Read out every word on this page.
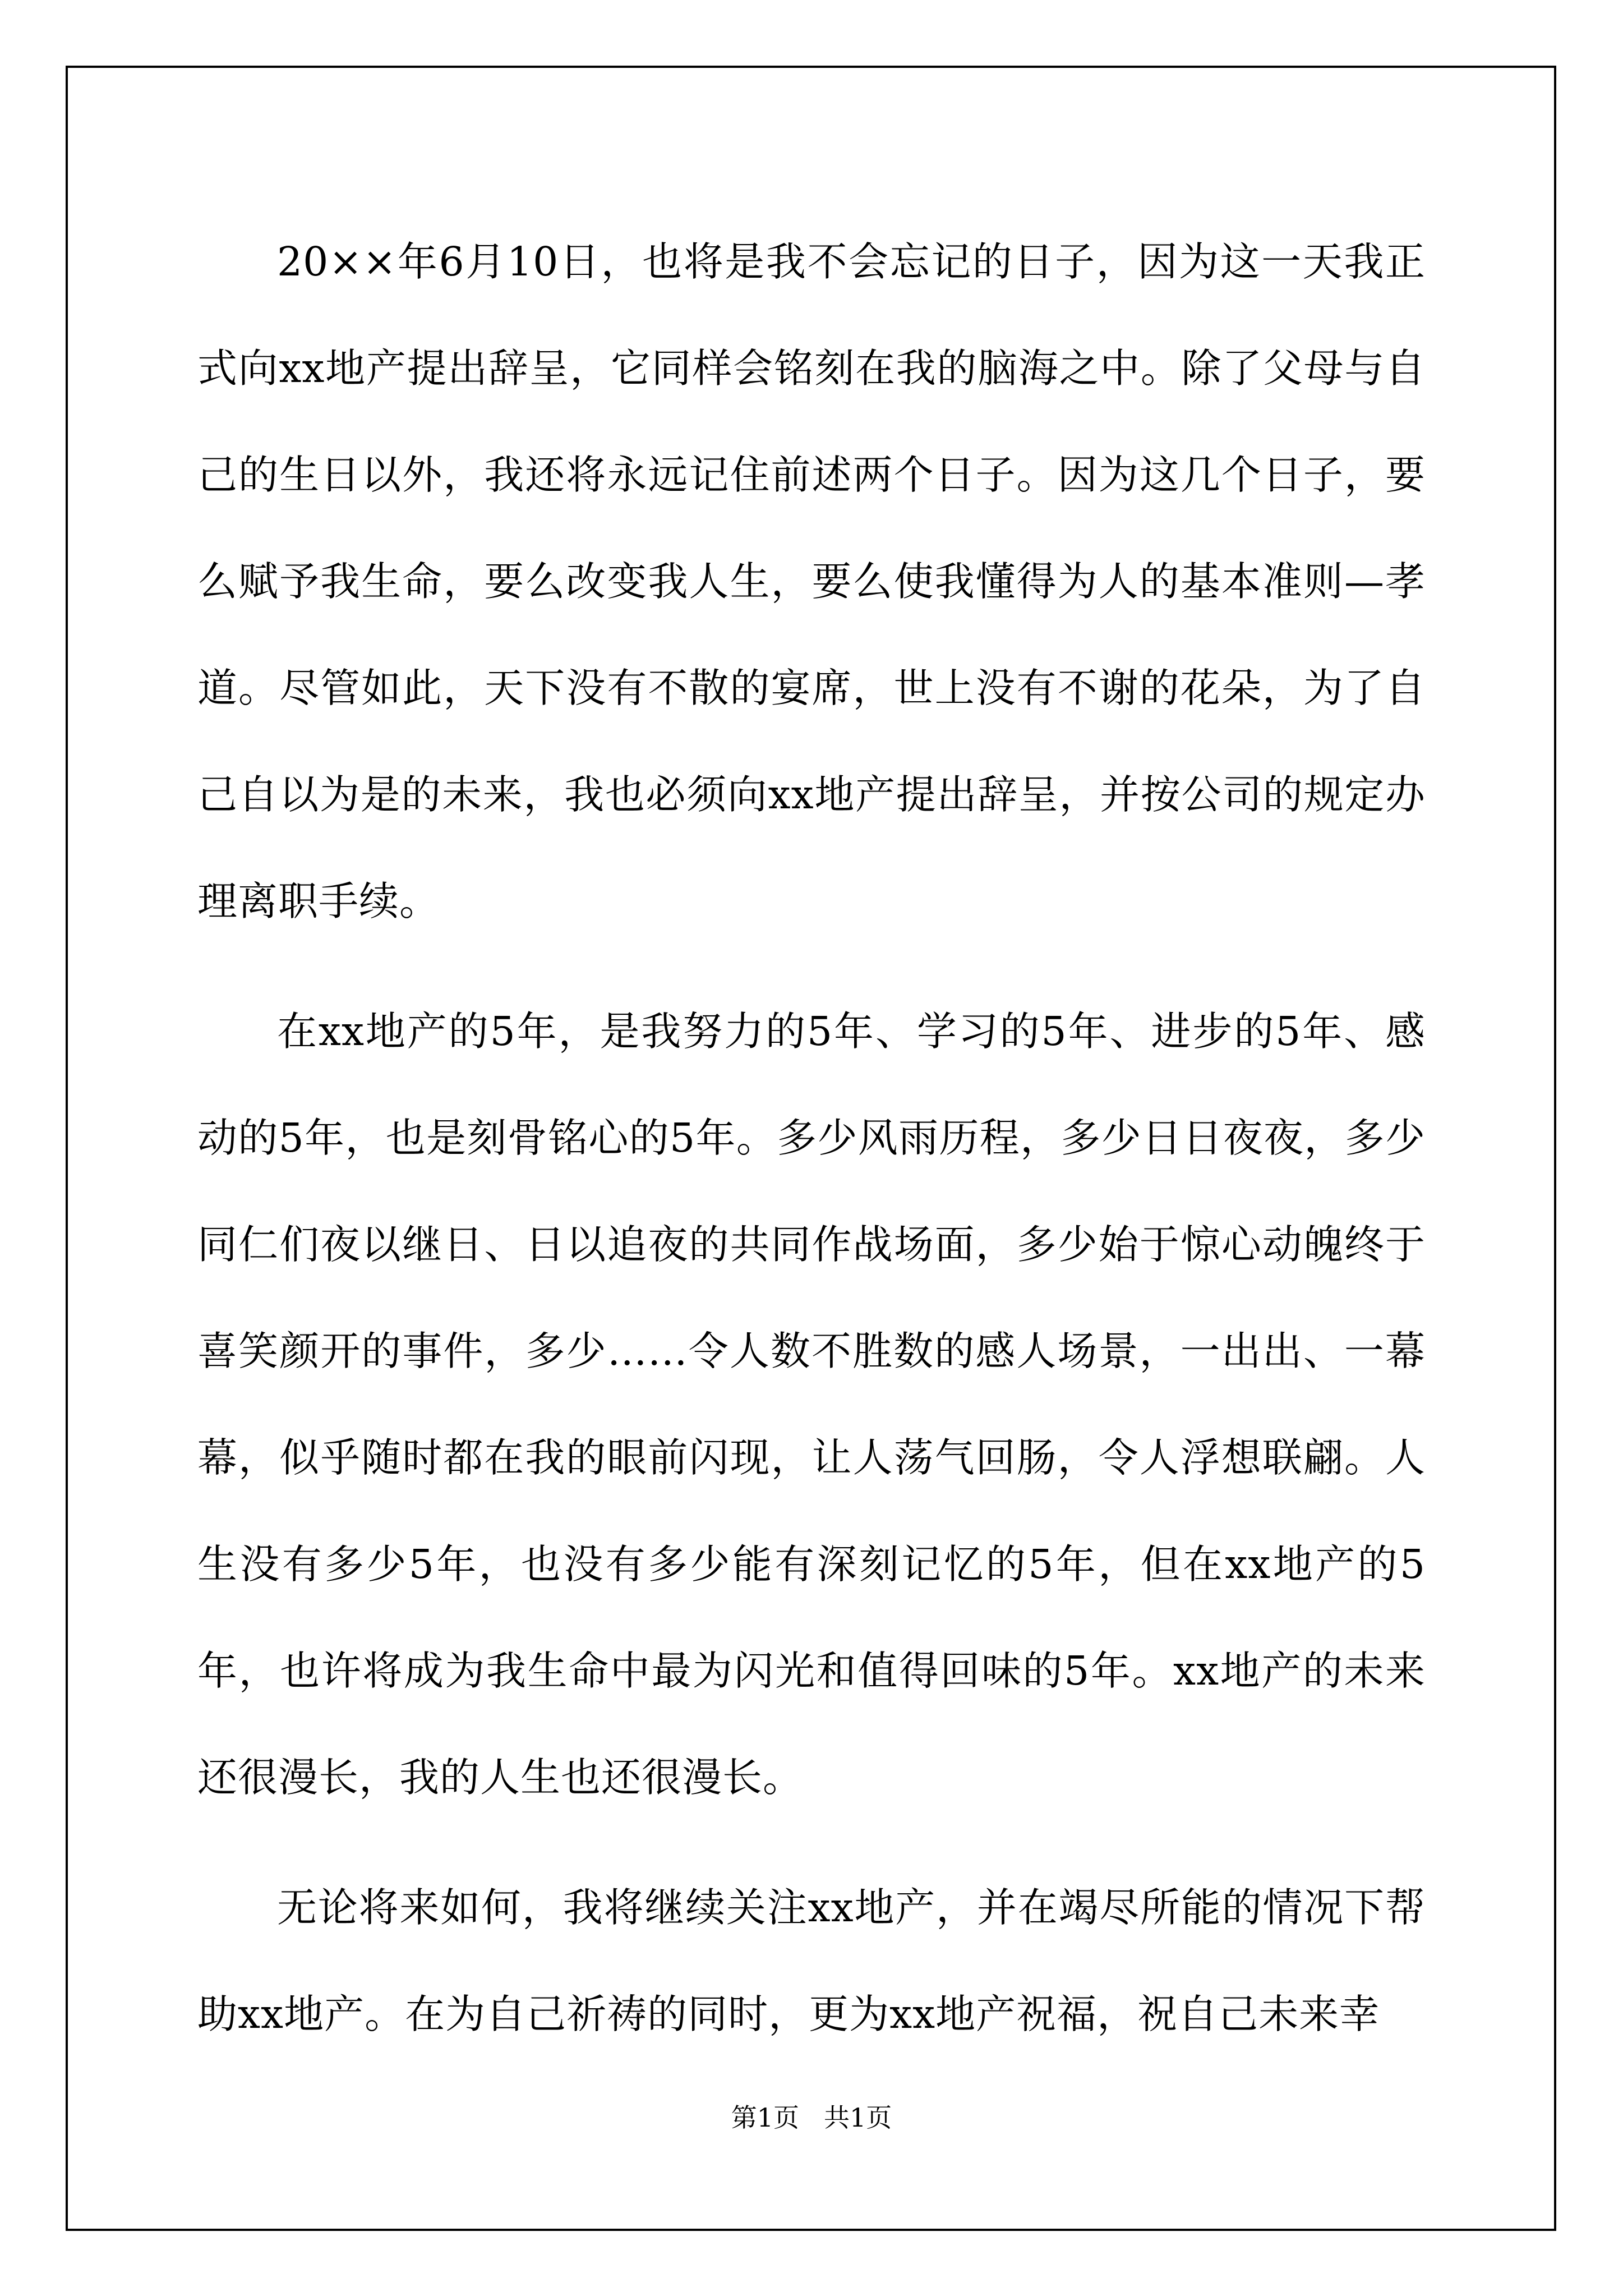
20××年6月10日，也将是我不会忘记的日子，因为这一天我正式向xx地产提出辞呈，它同样会铭刻在我的脑海之中。除了父母与自己的生日以外，我还将永远记住前述两个日子。因为这几个日子，要么赋予我生命，要么改变我人生，要么使我懂得为人的基本准则—孝道。尽管如此，天下没有不散的宴席，世上没有不谢的花朵，为了自己自以为是的未来，我也必须向xx地产提出辞呈，并按公司的规定办理离职手续。

在xx地产的5年，是我努力的5年、学习的5年、进步的5年、感动的5年，也是刻骨铭心的5年。多少风雨历程，多少日日夜夜，多少同仁们夜以继日、日以追夜的共同作战场面，多少始于惊心动魄终于喜笑颜开的事件，多少……令人数不胜数的感人场景，一出出、一幕幕，似乎随时都在我的眼前闪现，让人荡气回肠，令人浮想联翩。人生没有多少5年，也没有多少能有深刻记忆的5年，但在xx地产的5年，也许将成为我生命中最为闪光和值得回味的5年。xx地产的未来还很漫长，我的人生也还很漫长。

无论将来如何，我将继续关注xx地产，并在竭尽所能的情况下帮助xx地产。在为自己祈祷的同时，更为xx地产祝福，祝自己未来幸

第1页 共1页
